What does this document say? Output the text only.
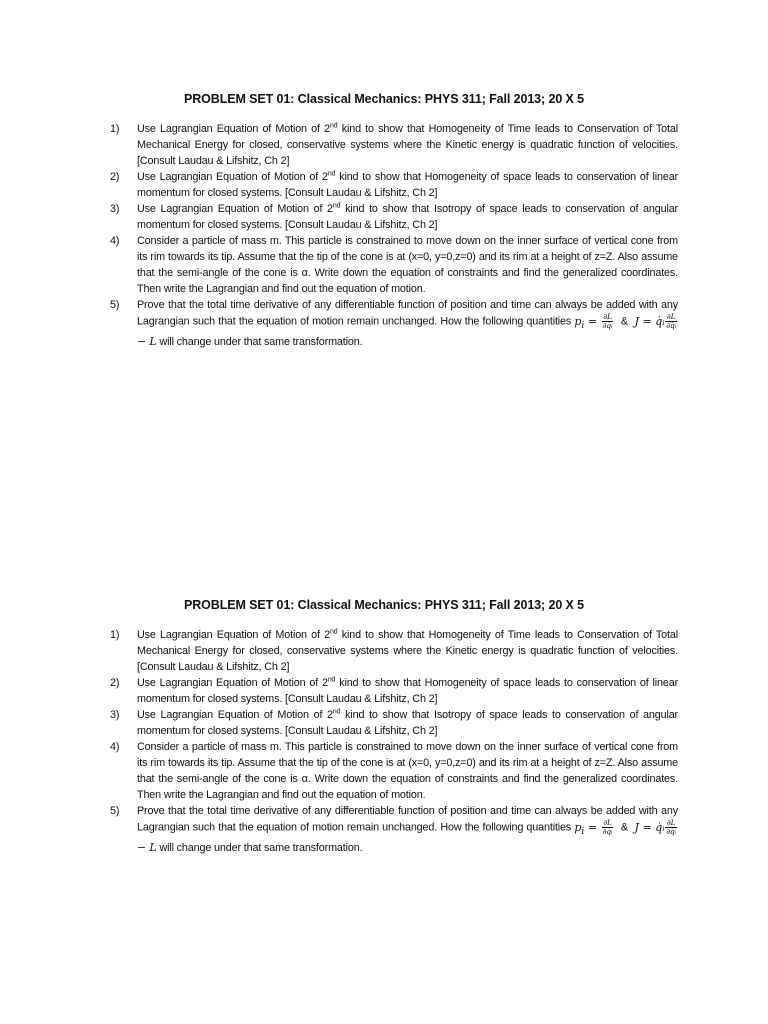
PROBLEM SET 01: Classical Mechanics: PHYS 311; Fall 2013; 20 X 5
1) Use Lagrangian Equation of Motion of 2nd kind to show that Homogeneity of Time leads to Conservation of Total Mechanical Energy for closed, conservative systems where the Kinetic energy is quadratic function of velocities. [Consult Laudau & Lifshitz, Ch 2]
2) Use Lagrangian Equation of Motion of 2nd kind to show that Homogeneity of space leads to conservation of linear momentum for closed systems. [Consult Laudau & Lifshitz, Ch 2]
3) Use Lagrangian Equation of Motion of 2nd kind to show that Isotropy of space leads to conservation of angular momentum for closed systems. [Consult Laudau & Lifshitz, Ch 2]
4) Consider a particle of mass m. This particle is constrained to move down on the inner surface of vertical cone from its rim towards its tip. Assume that the tip of the cone is at (x=0, y=0,z=0) and its rim at a height of z=Z. Also assume that the semi-angle of the cone is α. Write down the equation of constraints and find the generalized coordinates. Then write the Lagrangian and find out the equation of motion.
5) Prove that the total time derivative of any differentiable function of position and time can always be added with any Lagrangian such that the equation of motion remain unchanged. How the following quantities $p_i = \frac{\partial L}{\text{∂q̇ᵢ}}$ & J = q̇ᵢ $\frac{\partial L}{\text{∂q̇ᵢ}}$
− L will change under that same transformation.
PROBLEM SET 01: Classical Mechanics: PHYS 311; Fall 2013; 20 X 5
1) Use Lagrangian Equation of Motion of 2nd kind to show that Homogeneity of Time leads to Conservation of Total Mechanical Energy for closed, conservative systems where the Kinetic energy is quadratic function of velocities. [Consult Laudau & Lifshitz, Ch 2]
2) Use Lagrangian Equation of Motion of 2nd kind to show that Homogeneity of space leads to conservation of linear momentum for closed systems. [Consult Laudau & Lifshitz, Ch 2]
3) Use Lagrangian Equation of Motion of 2nd kind to show that Isotropy of space leads to conservation of angular momentum for closed systems. [Consult Laudau & Lifshitz, Ch 2]
4) Consider a particle of mass m. This particle is constrained to move down on the inner surface of vertical cone from its rim towards its tip. Assume that the tip of the cone is at (x=0, y=0,z=0) and its rim at a height of z=Z. Also assume that the semi-angle of the cone is α. Write down the equation of constraints and find the generalized coordinates. Then write the Lagrangian and find out the equation of motion.
5) Prove that the total time derivative of any differentiable function of position and time can always be added with any Lagrangian such that the equation of motion remain unchanged. How the following quantities $p_i = \frac{\partial L}{\text{∂q̇ᵢ}}$ & J = q̇ᵢ $\frac{\partial L}{\text{∂q̇ᵢ}}$
− L will change under that same transformation.
